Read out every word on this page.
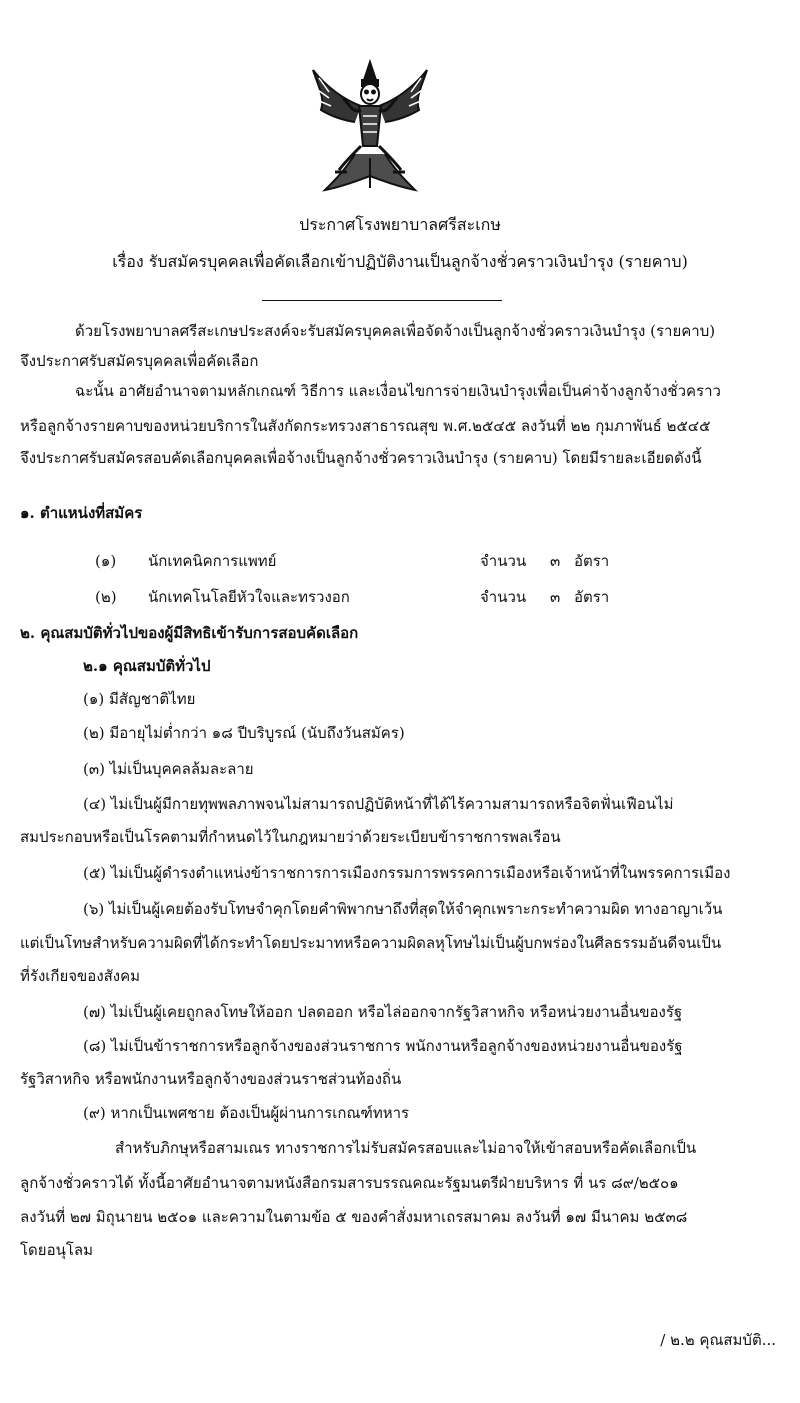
ประกาศโรงพยาบาลศรีสะเกษ
เรื่อง รับสมัครบุคคลเพื่อคัดเลือกเข้าปฏิบัติงานเป็นลูกจ้างชั่วคราวเงินบำรุง (รายคาบ)
ด้วยโรงพยาบาลศรีสะเกษประสงค์จะรับสมัครบุคคลเพื่อจัดจ้างเป็นลูกจ้างชั่วคราวเงินบำรุง (รายคาบ)
จึงประกาศรับสมัครบุคคลเพื่อคัดเลือก
ฉะนั้น อาศัยอำนาจตามหลักเกณฑ์ วิธีการ และเงื่อนไขการจ่ายเงินบำรุงเพื่อเป็นค่าจ้างลูกจ้างชั่วคราว
หรือลูกจ้างรายคาบของหน่วยบริการในสังกัดกระทรวงสาธารณสุข พ.ศ.๒๕๔๕ ลงวันที่ ๒๒ กุมภาพันธ์ ๒๕๔๕
จึงประกาศรับสมัครสอบคัดเลือกบุคคลเพื่อจ้างเป็นลูกจ้างชั่วคราวเงินบำรุง (รายคาบ) โดยมีรายละเอียดดังนี้
๑. ตำแหน่งที่สมัคร
(๑) นักเทคนิคการแพทย์	จำนวน ๓ อัตรา
(๒) นักเทคโนโลยีหัวใจและทรวงอก	จำนวน ๓ อัตรา
๒. คุณสมบัติทั่วไปของผู้มีสิทธิเข้ารับการสอบคัดเลือก
๒.๑ คุณสมบัติทั่วไป
(๑) มีสัญชาติไทย
(๒) มีอายุไม่ต่ำกว่า ๑๘ ปีบริบูรณ์ (นับถึงวันสมัคร)
(๓) ไม่เป็นบุคคลล้มละลาย
(๔) ไม่เป็นผู้มีกายทุพพลภาพจนไม่สามารถปฏิบัติหน้าที่ได้ไร้ความสามารถหรือจิตฟั่นเฟือนไม่
สมประกอบหรือเป็นโรคตามที่กำหนดไว้ในกฎหมายว่าด้วยระเบียบข้าราชการพลเรือน
(๕) ไม่เป็นผู้ดำรงตำแหน่งข้าราชการการเมืองกรรมการพรรคการเมืองหรือเจ้าหน้าที่ในพรรคการเมือง
(๖) ไม่เป็นผู้เคยต้องรับโทษจำคุกโดยคำพิพากษาถึงที่สุดให้จำคุกเพราะกระทำความผิด ทางอาญาเว้น
แต่เป็นโทษสำหรับความผิดที่ได้กระทำโดยประมาทหรือความผิดลหุโทษไม่เป็นผู้บกพร่องในศีลธรรมอันดีจนเป็น
ที่รังเกียจของสังคม
(๗) ไม่เป็นผู้เคยถูกลงโทษให้ออก ปลดออก หรือไล่ออกจากรัฐวิสาหกิจ หรือหน่วยงานอื่นของรัฐ
(๘) ไม่เป็นข้าราชการหรือลูกจ้างของส่วนราชการ พนักงานหรือลูกจ้างของหน่วยงานอื่นของรัฐ
รัฐวิสาหกิจ หรือพนักงานหรือลูกจ้างของส่วนราชส่วนท้องถิ่น
(๙) หากเป็นเพศชาย ต้องเป็นผู้ผ่านการเกณฑ์ทหาร
สำหรับภิกษุหรือสามเณร ทางราชการไม่รับสมัครสอบและไม่อาจให้เข้าสอบหรือคัดเลือกเป็น
ลูกจ้างชั่วคราวได้ ทั้งนี้อาศัยอำนาจตามหนังสือกรมสารบรรณคณะรัฐมนตรีฝ่ายบริหาร ที่ นร ๘๙/๒๕๐๑
ลงวันที่ ๒๗ มิถุนายน ๒๕๐๑ และความในตามข้อ ๕ ของคำสั่งมหาเถรสมาคม ลงวันที่ ๑๗ มีนาคม ๒๕๓๘
โดยอนุโลม
/ ๒.๒ คุณสมบัติ...
